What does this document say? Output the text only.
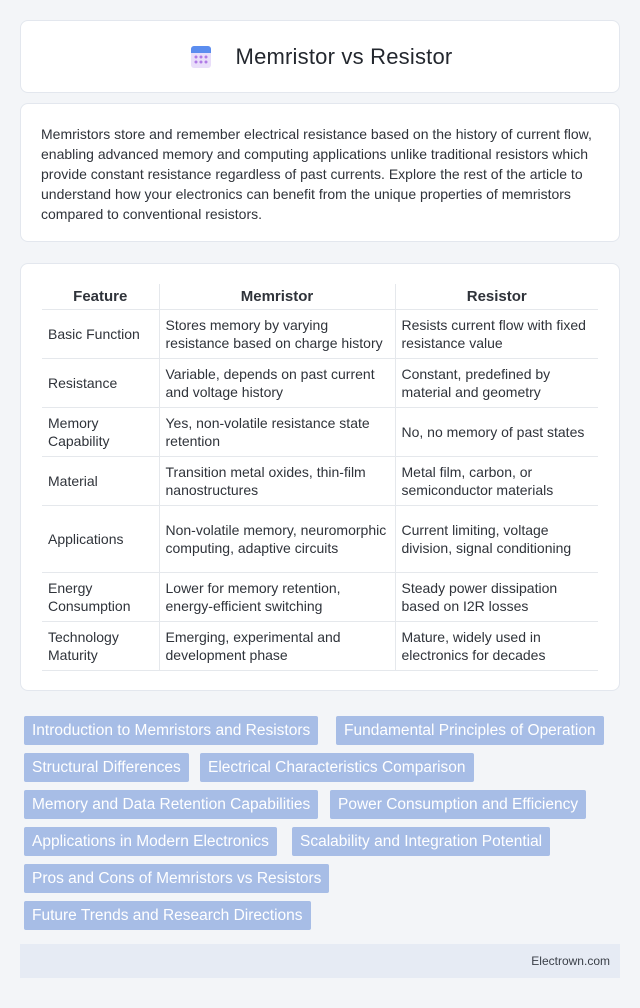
Memristor vs Resistor

Memristors store and remember electrical resistance based on the history of current flow, enabling advanced memory and computing applications unlike traditional resistors which provide constant resistance regardless of past currents. Explore the rest of the article to understand how your electronics can benefit from the unique properties of memristors compared to conventional resistors.

Feature	Memristor	Resistor
Basic Function	Stores memory by varying resistance based on charge history	Resists current flow with fixed resistance value
Resistance	Variable, depends on past current and voltage history	Constant, predefined by material and geometry
Memory Capability	Yes, non-volatile resistance state retention	No, no memory of past states
Material	Transition metal oxides, thin-film nanostructures	Metal film, carbon, or semiconductor materials
Applications	Non-volatile memory, neuromorphic computing, adaptive circuits	Current limiting, voltage division, signal conditioning
Energy Consumption	Lower for memory retention, energy-efficient switching	Steady power dissipation based on I2R losses
Technology Maturity	Emerging, experimental and development phase	Mature, widely used in electronics for decades
Introduction to Memristors and Resistors	Fundamental Principles of Operation
Structural Differences	Electrical Characteristics Comparison
Memory and Data Retention Capabilities	Power Consumption and Efficiency
Applications in Modern Electronics	Scalability and Integration Potential
Pros and Cons of Memristors vs Resistors
Future Trends and Research Directions
Electrown.com
